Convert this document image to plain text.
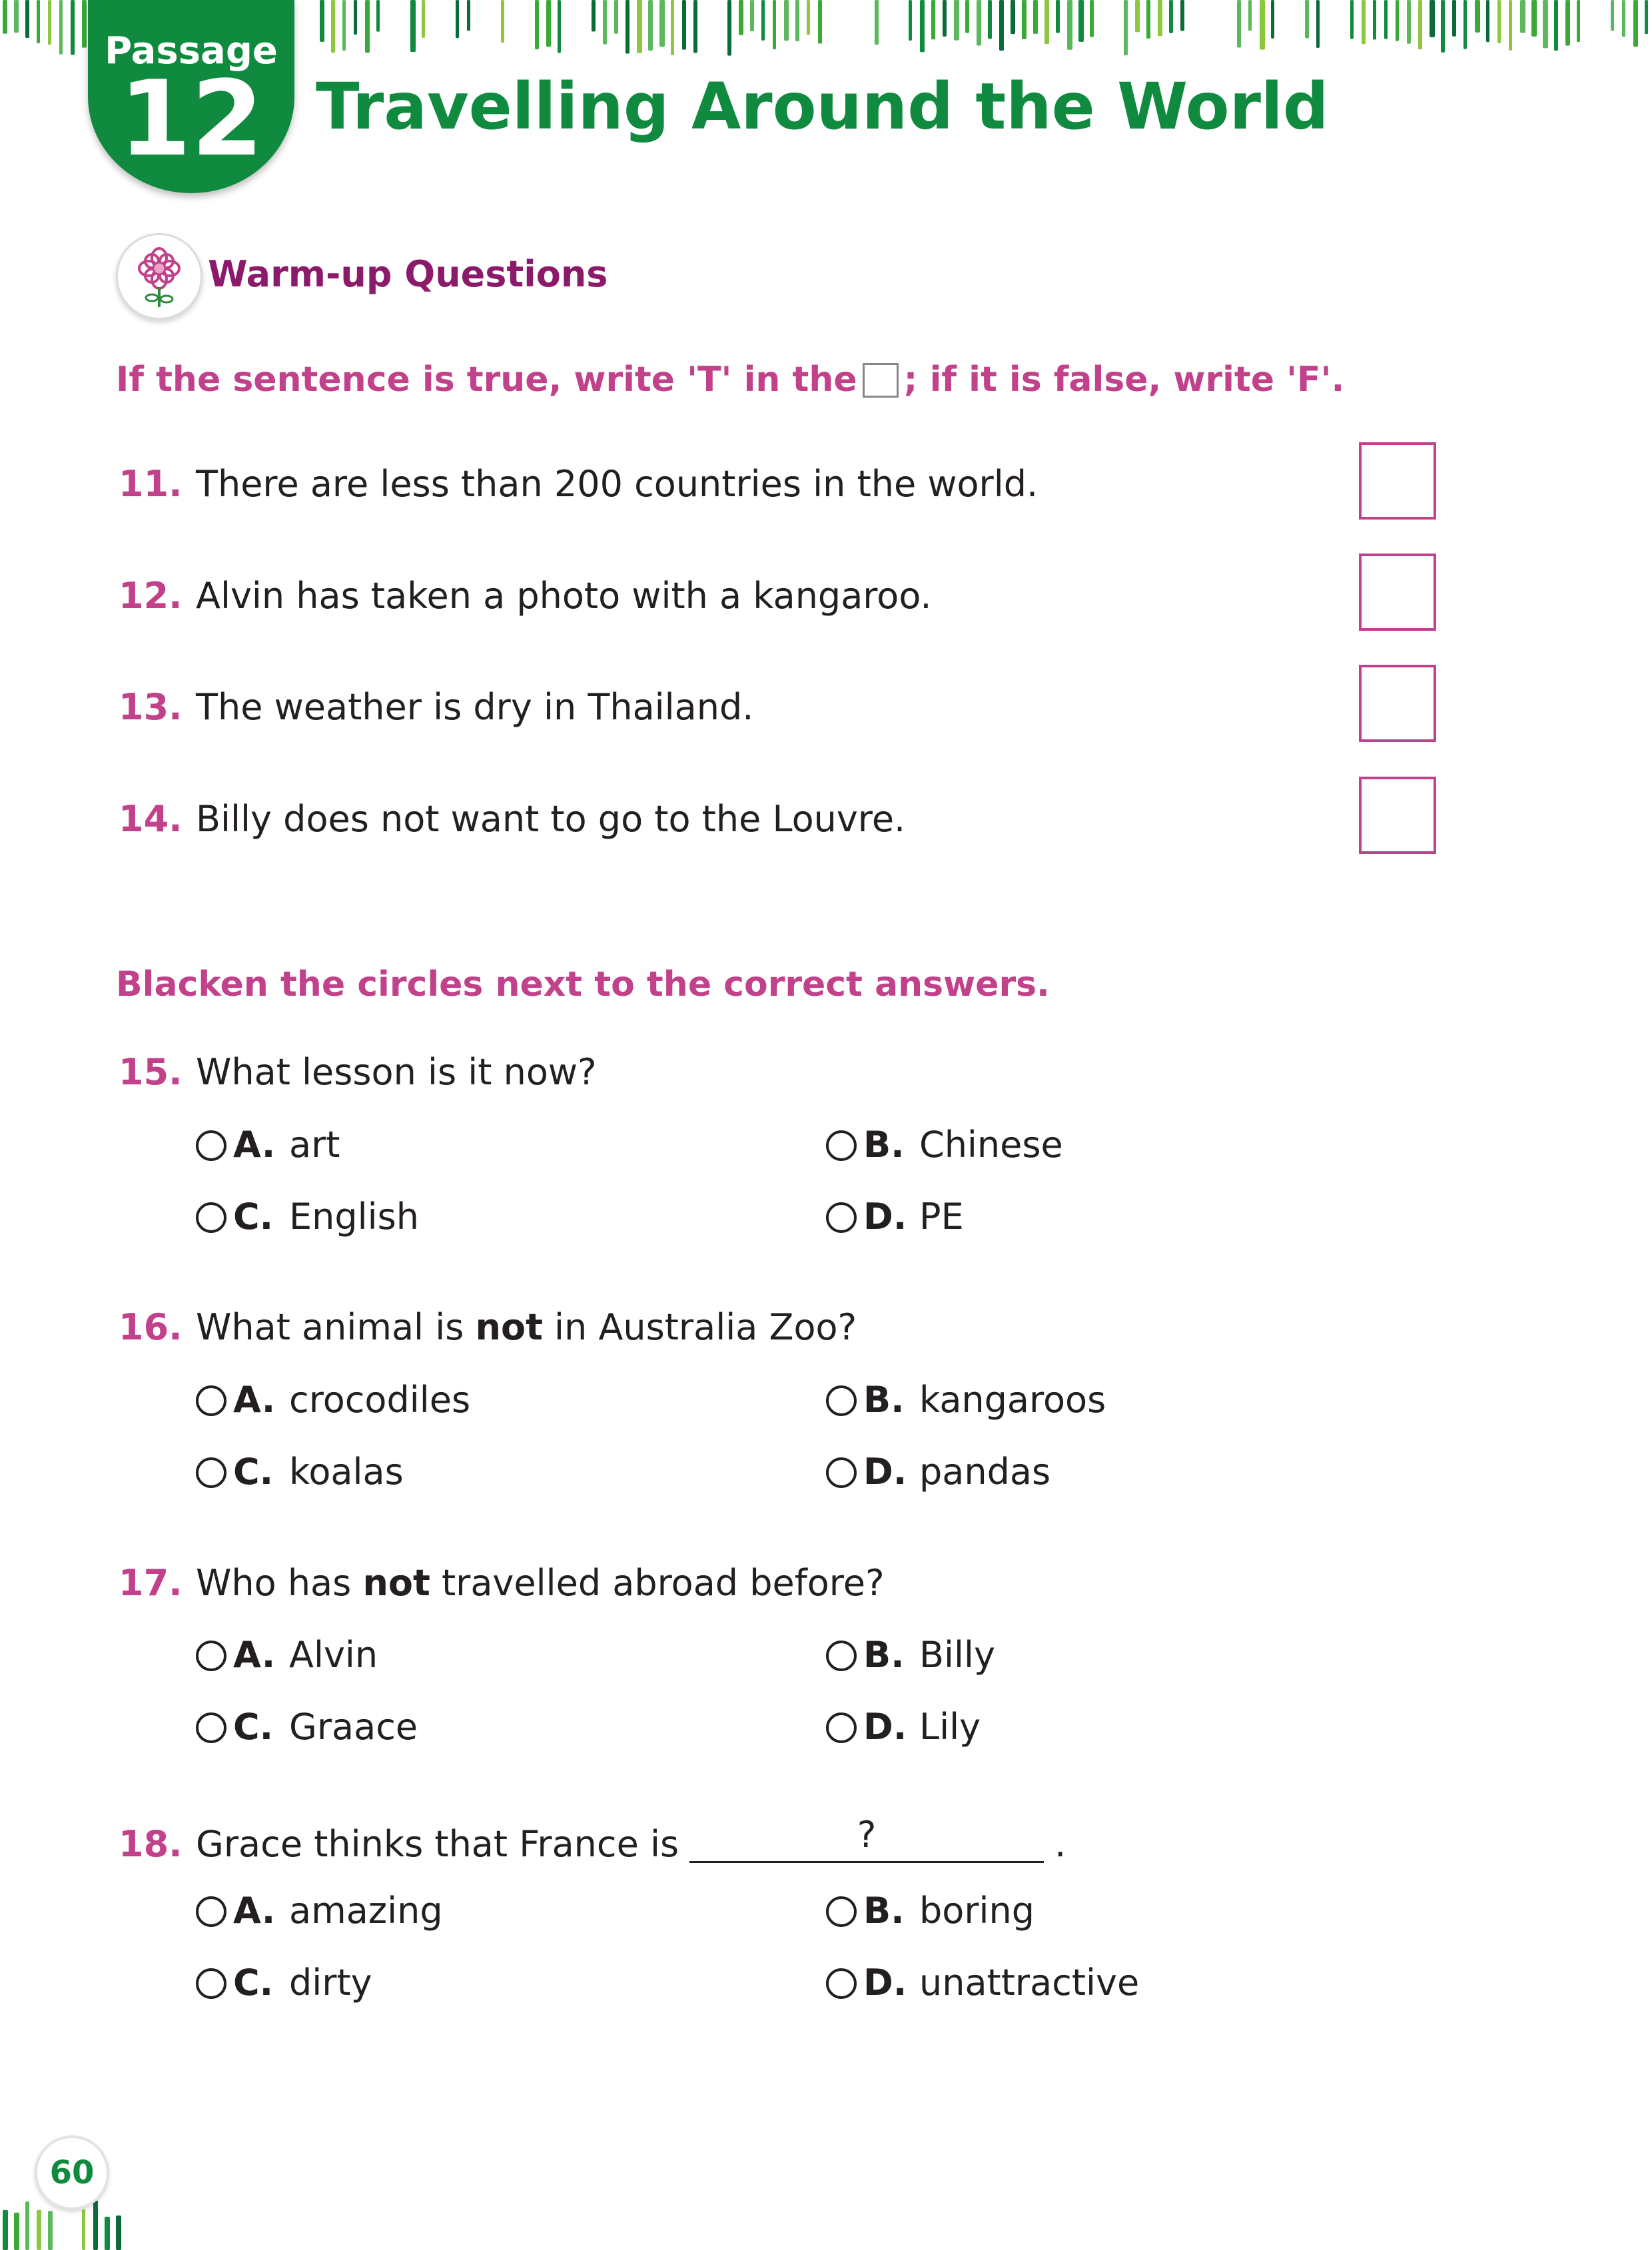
Passage
12 Travelling Around the World
Warm-up Questions
If the sentence is true, write 'T' in the ; if it is false, write 'F'.
11. There are less than 200 countries in the world.
12. Alvin has taken a photo with a kangaroo.
13. The weather is dry in Thailand.
14. Billy does not want to go to the Louvre.
Blacken the circles next to the correct answers.
15. What lesson is it now?
A. art	B. Chinese
C. English	D. PE
16. What animal is not in Australia Zoo?
A. crocodiles	B. kangaroos
C. koalas	D. pandas
17. Who has not travelled abroad before?
A. Alvin	B. Billy
C. Graace	D. Lily
18. Grace thinks that France is	?	.
A. amazing	B. boring
C. dirty	D. unattractive
60
